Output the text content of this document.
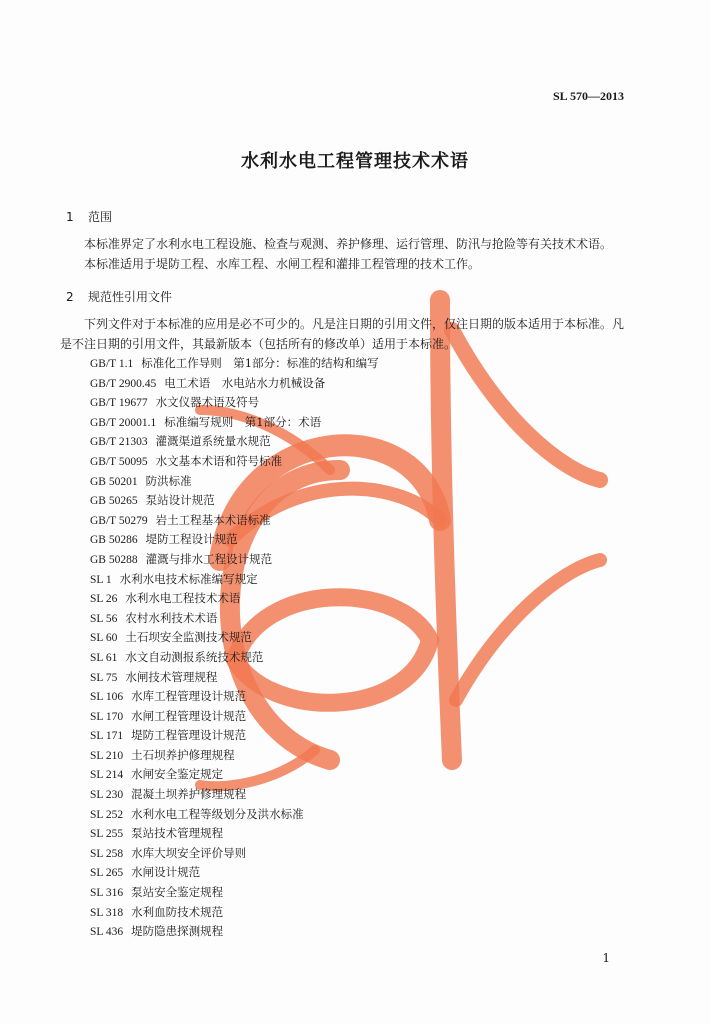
SL 570—2013
水利水电工程管理技术术语
1 范围

本标准界定了水利水电工程设施、检查与观测、养护修理、运行管理、防汛与抢险等有关技术术语。

本标准适用于堤防工程、水库工程、水闸工程和灌排工程管理的技术工作。

2 规范性引用文件

下列文件对于本标准的应用是必不可少的。凡是注日期的引用文件，仅注日期的版本适用于本标准。凡是不注日期的引用文件，其最新版本（包括所有的修改单）适用于本标准。

GB/T 1.1 标准化工作导则　第1部分：标准的结构和编写
GB/T 2900.45 电工术语　水电站水力机械设备
GB/T 19677 水文仪器术语及符号
GB/T 20001.1 标准编写规则　第1部分：术语
GB/T 21303 灌溉渠道系统量水规范
GB/T 50095 水文基本术语和符号标准
GB 50201 防洪标准
GB 50265 泵站设计规范
GB/T 50279 岩土工程基本术语标准
GB 50286 堤防工程设计规范
GB 50288 灌溉与排水工程设计规范
SL 1 水利水电技术标准编写规定
SL 26 水利水电工程技术术语
SL 56 农村水利技术术语
SL 60 土石坝安全监测技术规范
SL 61 水文自动测报系统技术规范
SL 75 水闸技术管理规程
SL 106 水库工程管理设计规范
SL 170 水闸工程管理设计规范
SL 171 堤防工程管理设计规范
SL 210 土石坝养护修理规程
SL 214 水闸安全鉴定规定
SL 230 混凝土坝养护修理规程
SL 252 水利水电工程等级划分及洪水标准
SL 255 泵站技术管理规程
SL 258 水库大坝安全评价导则
SL 265 水闸设计规范
SL 316 泵站安全鉴定规程
SL 318 水利血防技术规范
SL 436 堤防隐患探测规程
1
